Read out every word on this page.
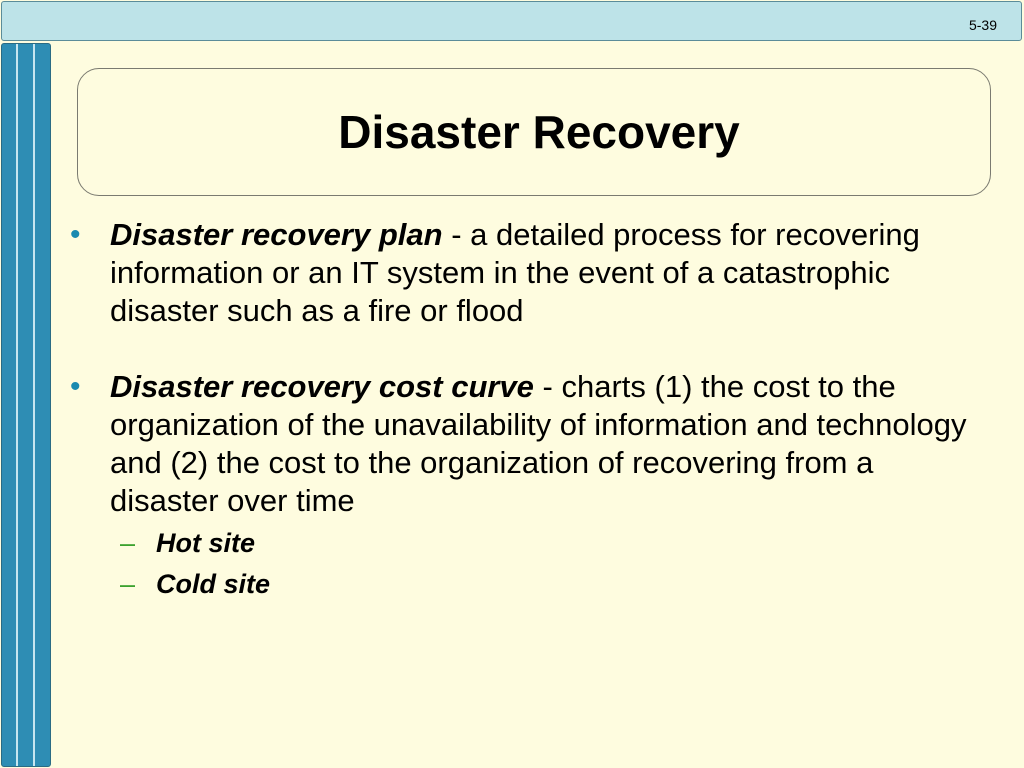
5-39
Disaster Recovery

• Disaster recovery plan - a detailed process for recovering information or an IT system in the event of a catastrophic disaster such as a fire or flood

• Disaster recovery cost curve - charts (1) the cost to the organization of the unavailability of information and technology and (2) the cost to the organization of recovering from a disaster over time
– Hot site
– Cold site
